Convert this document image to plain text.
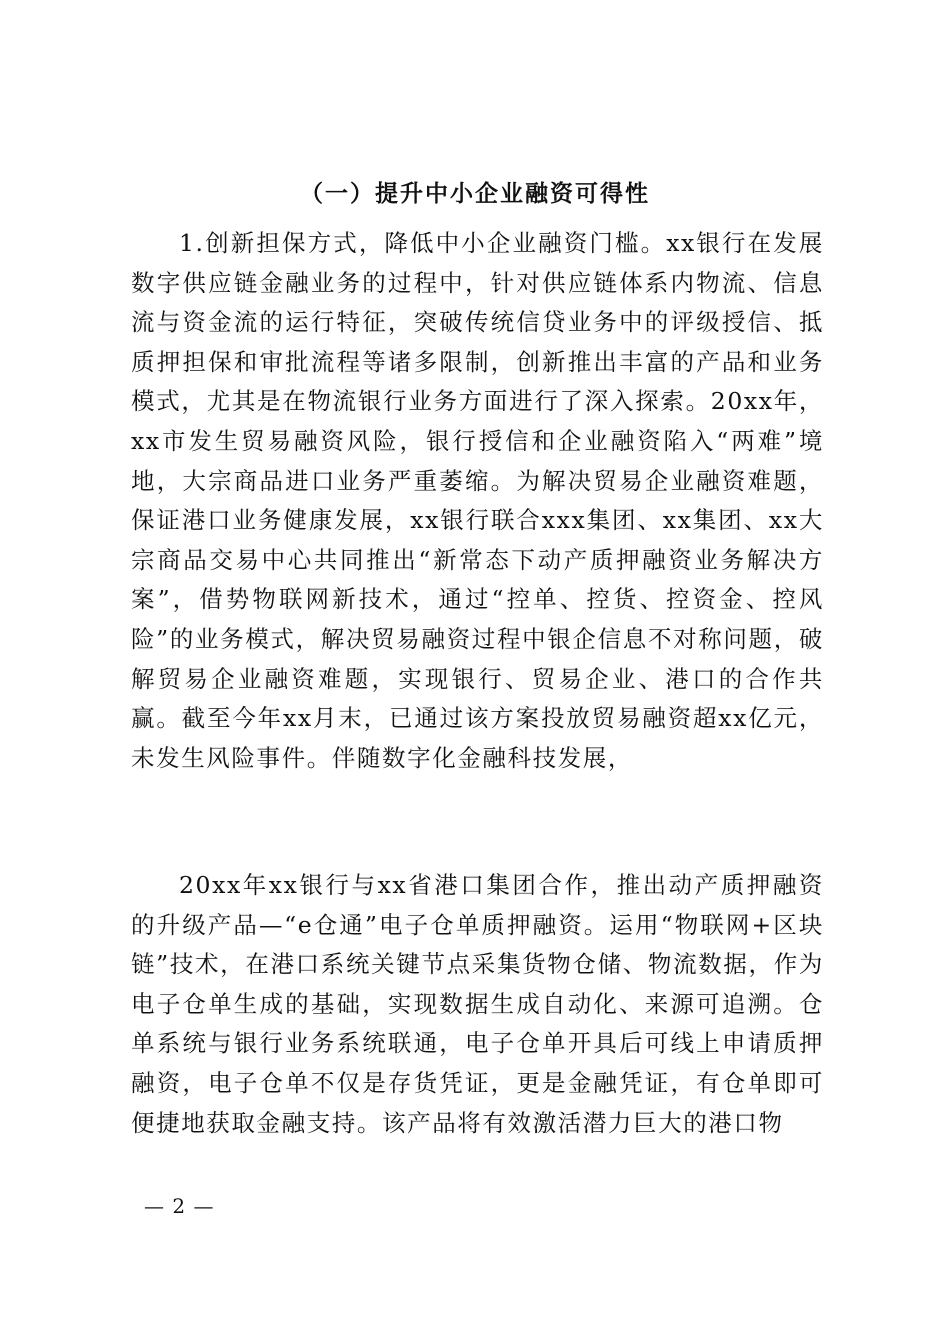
（一）提升中小企业融资可得性

1.创新担保方式，降低中小企业融资门槛。xx银行在发展数字供应链金融业务的过程中，针对供应链体系内物流、信息流与资金流的运行特征，突破传统信贷业务中的评级授信、抵质押担保和审批流程等诸多限制，创新推出丰富的产品和业务模式，尤其是在物流银行业务方面进行了深入探索。20xx年，xx市发生贸易融资风险，银行授信和企业融资陷入“两难”境地，大宗商品进口业务严重萎缩。为解决贸易企业融资难题，保证港口业务健康发展，xx银行联合xxx集团、xx集团、xx大宗商品交易中心共同推出“新常态下动产质押融资业务解决方案”，借势物联网新技术，通过“控单、控货、控资金、控风险”的业务模式，解决贸易融资过程中银企信息不对称问题，破解贸易企业融资难题，实现银行、贸易企业、港口的合作共赢。截至今年xx月末，已通过该方案投放贸易融资超xx亿元，未发生风险事件。伴随数字化金融科技发展，

20xx年xx银行与xx省港口集团合作，推出动产质押融资的升级产品—“e仓通”电子仓单质押融资。运用“物联网+区块链”技术，在港口系统关键节点采集货物仓储、物流数据，作为电子仓单生成的基础，实现数据生成自动化、来源可追溯。仓单系统与银行业务系统联通，电子仓单开具后可线上申请质押融资，电子仓单不仅是存货凭证，更是金融凭证，有仓单即可便捷地获取金融支持。该产品将有效激活潜力巨大的港口物

— 2 —
